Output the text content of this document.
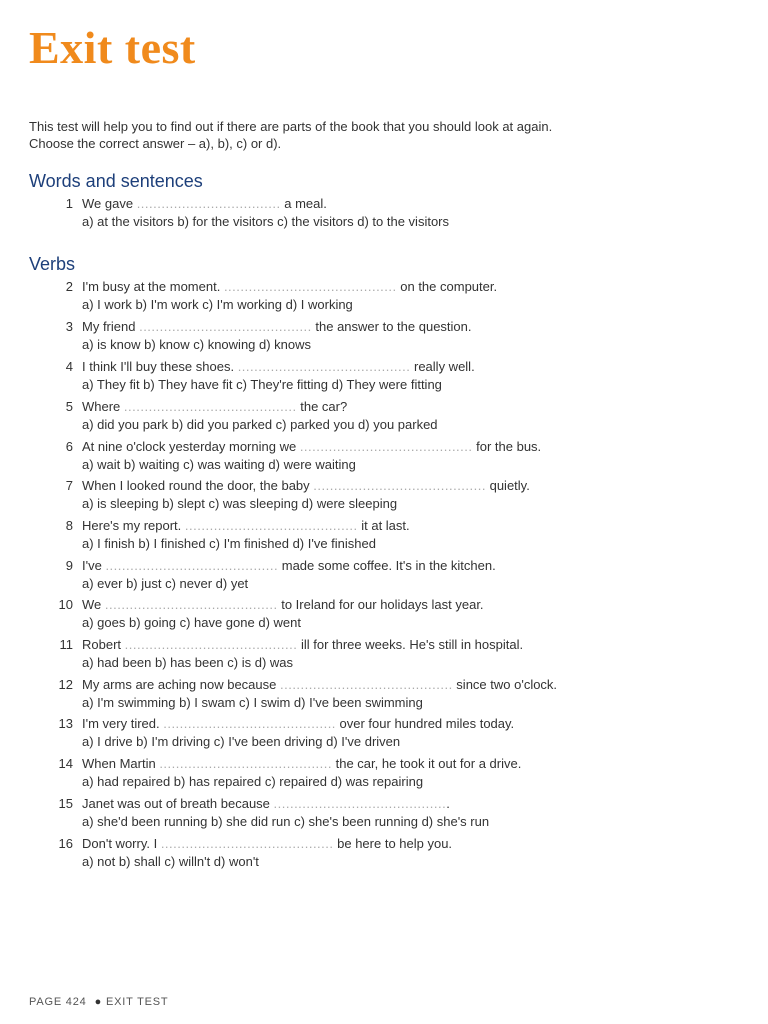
Exit test
This test will help you to find out if there are parts of the book that you should look at again.
Choose the correct answer – a), b), c) or d).
Words and sentences
1 We gave ................................... a meal.
a) at the visitors b) for the visitors c) the visitors d) to the visitors
Verbs
2 I'm busy at the moment. .......................................... on the computer.
a) I work b) I'm work c) I'm working d) I working
3 My friend .......................................... the answer to the question.
a) is know b) know c) knowing d) knows
4 I think I'll buy these shoes. .......................................... really well.
a) They fit b) They have fit c) They're fitting d) They were fitting
5 Where .......................................... the car?
a) did you park b) did you parked c) parked you d) you parked
6 At nine o'clock yesterday morning we .......................................... for the bus.
a) wait b) waiting c) was waiting d) were waiting
7 When I looked round the door, the baby .......................................... quietly.
a) is sleeping b) slept c) was sleeping d) were sleeping
8 Here's my report. .......................................... it at last.
a) I finish b) I finished c) I'm finished d) I've finished
9 I've .......................................... made some coffee. It's in the kitchen.
a) ever b) just c) never d) yet
10 We .......................................... to Ireland for our holidays last year.
a) goes b) going c) have gone d) went
11 Robert .......................................... ill for three weeks. He's still in hospital.
a) had been b) has been c) is d) was
12 My arms are aching now because .......................................... since two o'clock.
a) I'm swimming b) I swam c) I swim d) I've been swimming
13 I'm very tired. .......................................... over four hundred miles today.
a) I drive b) I'm driving c) I've been driving d) I've driven
14 When Martin .......................................... the car, he took it out for a drive.
a) had repaired b) has repaired c) repaired d) was repairing
15 Janet was out of breath because ...........................................
a) she'd been running b) she did run c) she's been running d) she's run
16 Don't worry. I .......................................... be here to help you.
a) not b) shall c) willn't d) won't
PAGE 424 ● EXIT TEST
